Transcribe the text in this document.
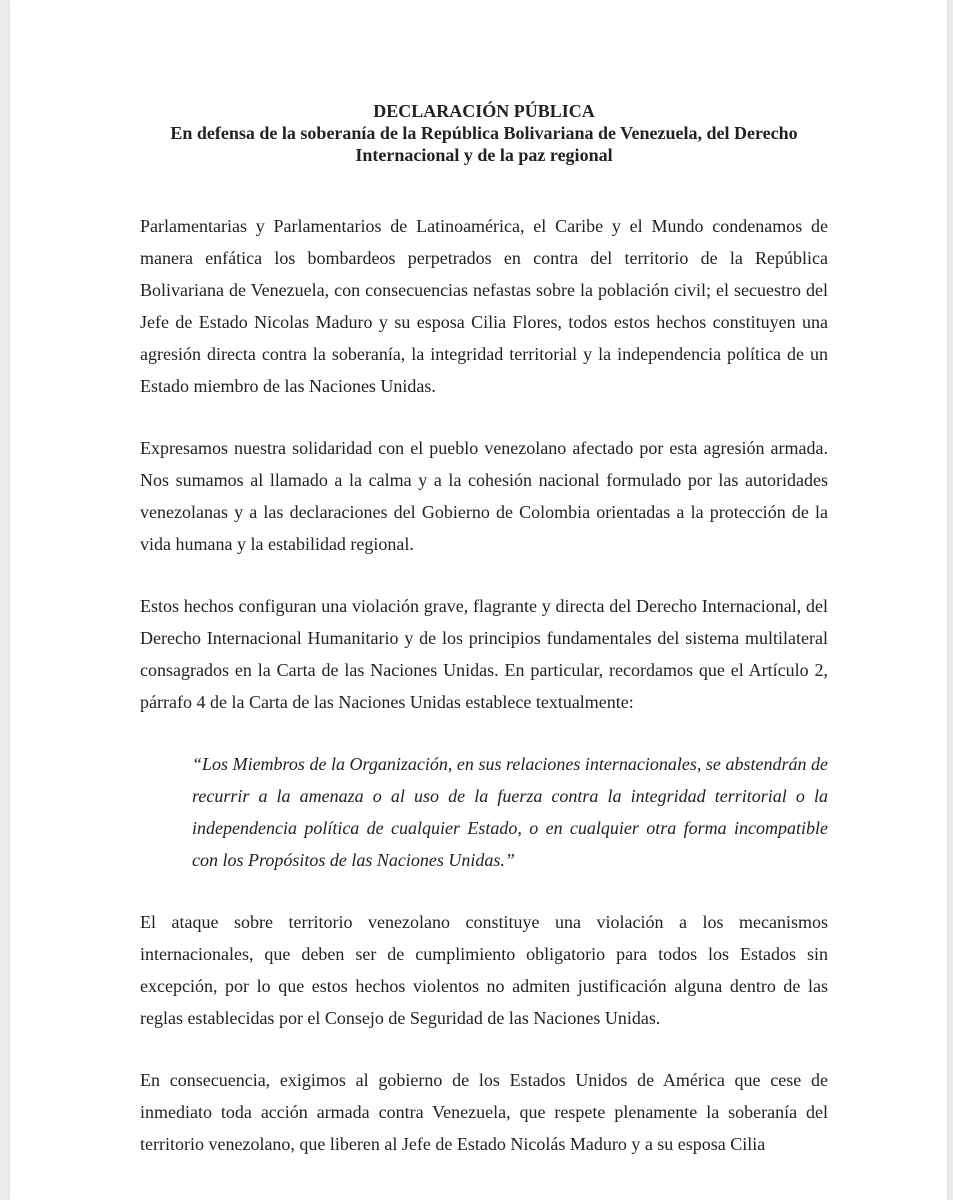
DECLARACIÓN PÚBLICA
En defensa de la soberanía de la República Bolivariana de Venezuela, del Derecho
Internacional y de la paz regional

Parlamentarias y Parlamentarios de Latinoamérica, el Caribe y el Mundo condenamos de manera enfática los bombardeos perpetrados en contra del territorio de la República Bolivariana de Venezuela, con consecuencias nefastas sobre la población civil; el secuestro del Jefe de Estado Nicolas Maduro y su esposa Cilia Flores, todos estos hechos constituyen una agresión directa contra la soberanía, la integridad territorial y la independencia política de un Estado miembro de las Naciones Unidas.

Expresamos nuestra solidaridad con el pueblo venezolano afectado por esta agresión armada. Nos sumamos al llamado a la calma y a la cohesión nacional formulado por las autoridades venezolanas y a las declaraciones del Gobierno de Colombia orientadas a la protección de la vida humana y la estabilidad regional.

Estos hechos configuran una violación grave, flagrante y directa del Derecho Internacional, del Derecho Internacional Humanitario y de los principios fundamentales del sistema multilateral consagrados en la Carta de las Naciones Unidas. En particular, recordamos que el Artículo 2, párrafo 4 de la Carta de las Naciones Unidas establece textualmente:

“Los Miembros de la Organización, en sus relaciones internacionales, se abstendrán de recurrir a la amenaza o al uso de la fuerza contra la integridad territorial o la independencia política de cualquier Estado, o en cualquier otra forma incompatible con los Propósitos de las Naciones Unidas.”

El ataque sobre territorio venezolano constituye una violación a los mecanismos internacionales, que deben ser de cumplimiento obligatorio para todos los Estados sin excepción, por lo que estos hechos violentos no admiten justificación alguna dentro de las reglas establecidas por el Consejo de Seguridad de las Naciones Unidas.

En consecuencia, exigimos al gobierno de los Estados Unidos de América que cese de inmediato toda acción armada contra Venezuela, que respete plenamente la soberanía del territorio venezolano, que liberen al Jefe de Estado Nicolás Maduro y a su esposa Cilia
